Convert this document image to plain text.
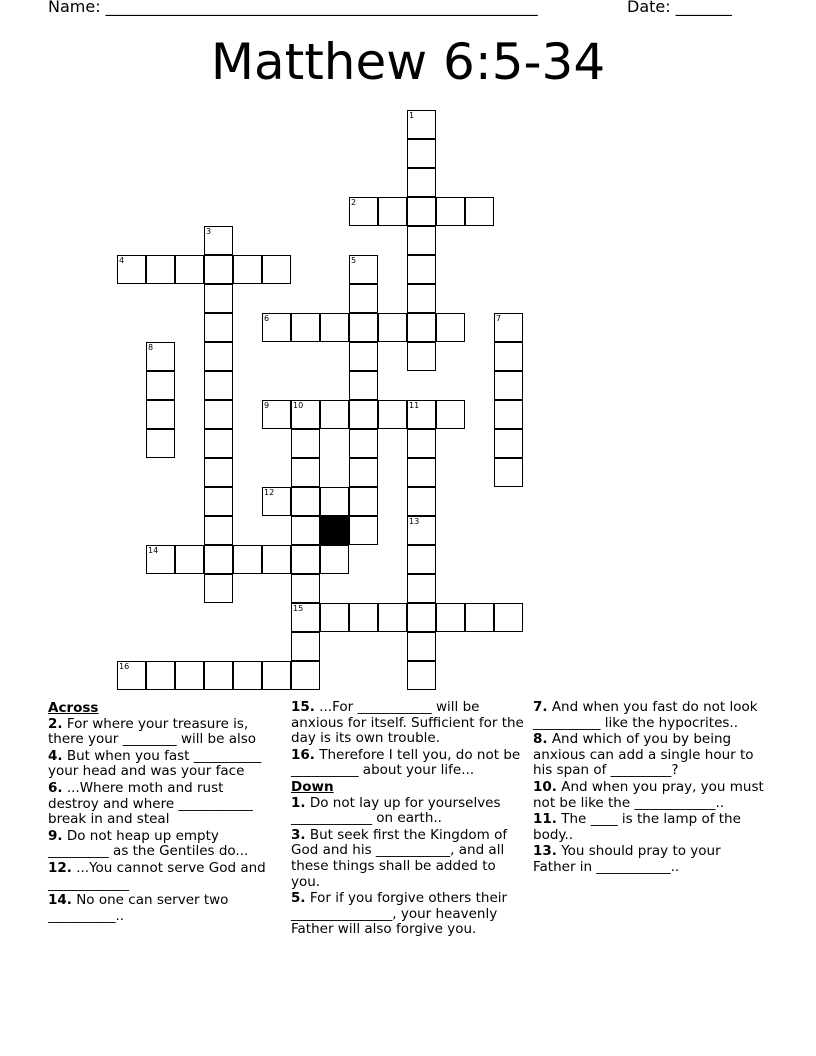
Name: ______________________________________________________	Date: _______
Matthew 6:5-34
1
2
3
4	5
6	7
8
9	10	11
15
12
13
14
16
Across
2. For where your treasure is, there your ________ will be also
4. But when you fast __________ your head and was your face
6. ...Where moth and rust destroy and where ___________ break in and steal
9. Do not heap up empty _________ as the Gentiles do...
12. ...You cannot serve God and ____________
14. No one can server two __________..
15. ...For ___________ will be anxious for itself. Sufficient for the day is its own trouble.
16. Therefore I tell you, do not be __________ about your life...
Down
1. Do not lay up for yourselves ____________ on earth..
3. But seek first the Kingdom of God and his ___________, and all these things shall be added to you.
5. For if you forgive others their _______________, your heavenly Father will also forgive you.
7. And when you fast do not look __________ like the hypocrites..
8. And which of you by being anxious can add a single hour to his span of _________?
10. And when you pray, you must not be like the ____________..
11. The ____ is the lamp of the body..
13. You should pray to your Father in ___________..
